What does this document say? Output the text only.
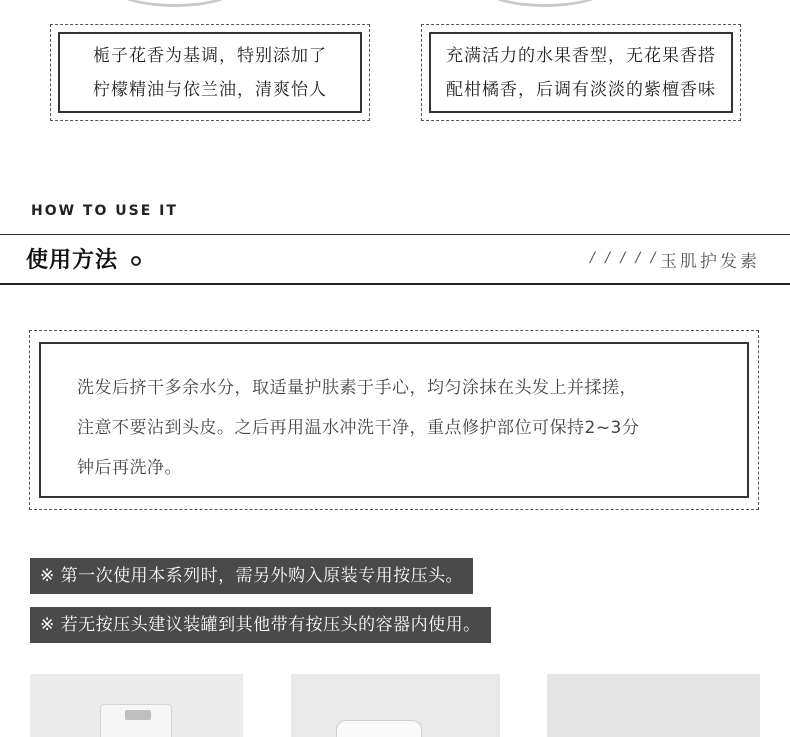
栀子花香为基调，特别添加了
柠檬精油与依兰油，清爽怡人
充满活力的水果香型，无花果香搭
配柑橘香，后调有淡淡的紫檀香味
HOW TO USE IT
使用方法	/ / / / / 玉肌护发素
洗发后挤干多余水分，取适量护肤素于手心，均匀涂抹在头发上并揉搓，
注意不要沾到头皮。之后再用温水冲洗干净，重点修护部位可保持2~3分
钟后再洗净。
※ 第一次使用本系列时，需另外购入原装专用按压头。
※ 若无按压头建议装罐到其他带有按压头的容器内使用。
